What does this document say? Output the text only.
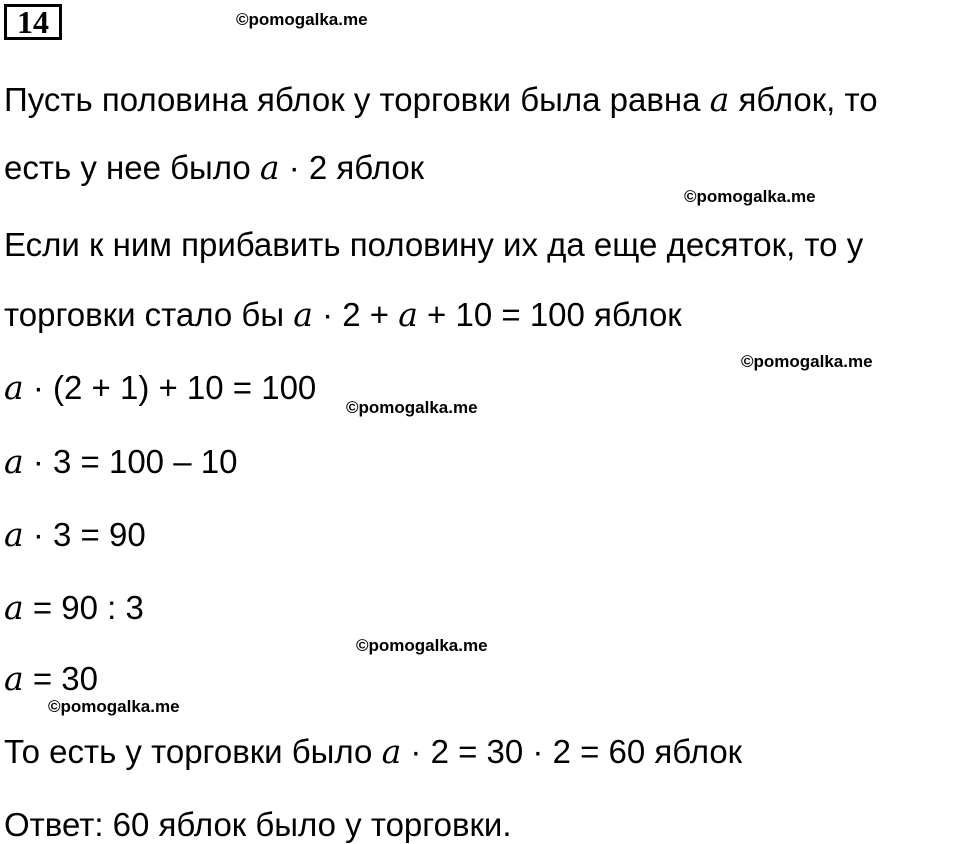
14	©pomogalka.me
©pomogalka.me
©pomogalka.me
©pomogalka.me
©pomogalka.me
©pomogalka.me
Пусть половина яблок у торговки была равна a яблок, то
есть у нее было a · 2 яблок
Если к ним прибавить половину их да еще десяток, то у
торговки стало бы a · 2 + a + 10 = 100 яблок
a · (2 + 1) + 10 = 100
a · 3 = 100 – 10
a · 3 = 90
a = 90 : 3
a = 30
То есть у торговки было a · 2 = 30 · 2 = 60 яблок
Ответ: 60 яблок было у торговки.
